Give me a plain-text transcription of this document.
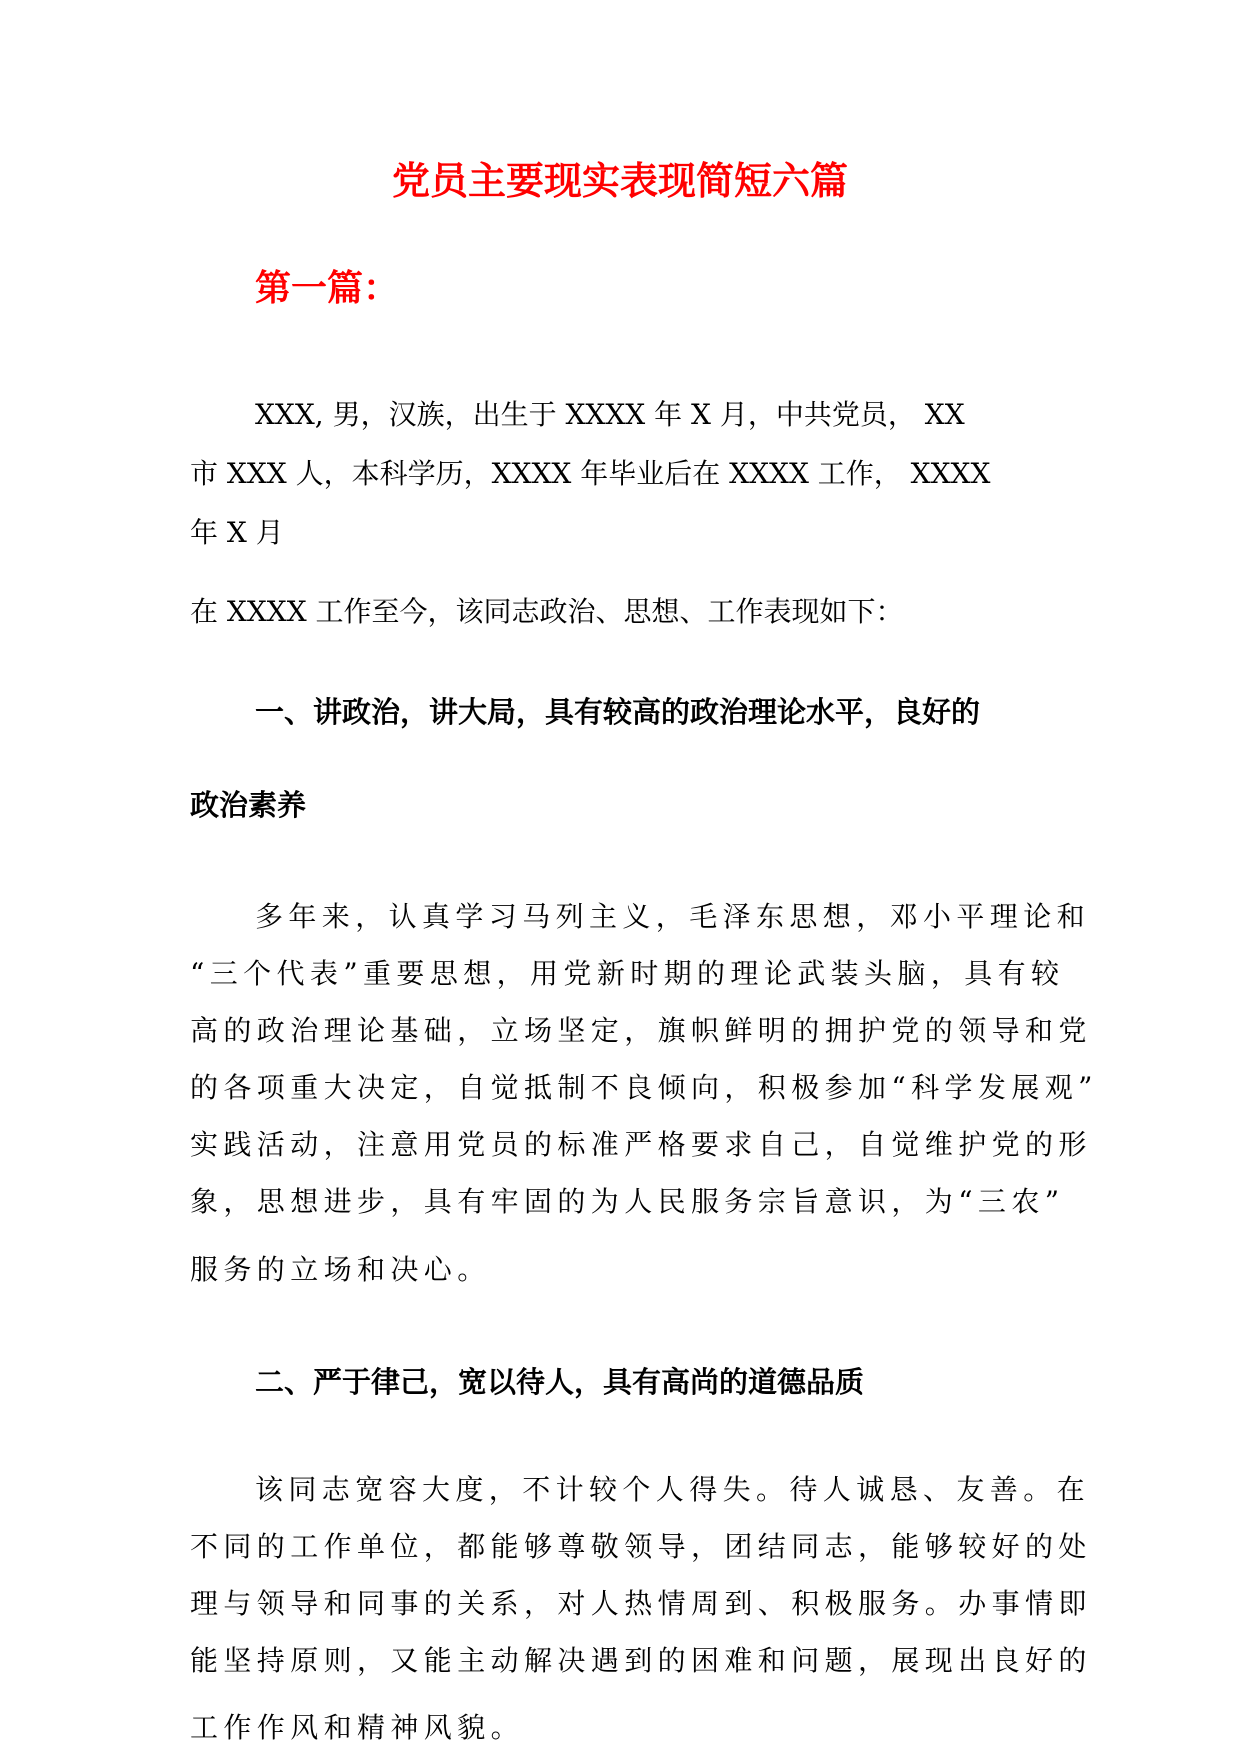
党员主要现实表现简短六篇
第一篇：
XXX, 男，汉族，出生于 XXXX 年 X 月，中共党员， XX
市 XXX 人，本科学历，XXXX 年毕业后在 XXXX 工作， XXXX
年 X 月
在 XXXX 工作至今，该同志政治、思想、工作表现如下：
一、讲政治，讲大局，具有较高的政治理论水平，良好的
政治素养
多年来，认真学习马列主义，毛泽东思想，邓小平理论和
“三个代表”重要思想，用党新时期的理论武装头脑，具有较
高的政治理论基础，立场坚定，旗帜鲜明的拥护党的领导和党
的各项重大决定，自觉抵制不良倾向，积极参加“科学发展观”
实践活动，注意用党员的标准严格要求自己，自觉维护党的形
象，思想进步，具有牢固的为人民服务宗旨意识，为“三农”
服务的立场和决心。
二、严于律己，宽以待人，具有高尚的道德品质
该同志宽容大度，不计较个人得失。待人诚恳、友善。在
不同的工作单位，都能够尊敬领导，团结同志，能够较好的处
理与领导和同事的关系，对人热情周到、积极服务。办事情即
能坚持原则，又能主动解决遇到的困难和问题，展现出良好的
工作作风和精神风貌。
